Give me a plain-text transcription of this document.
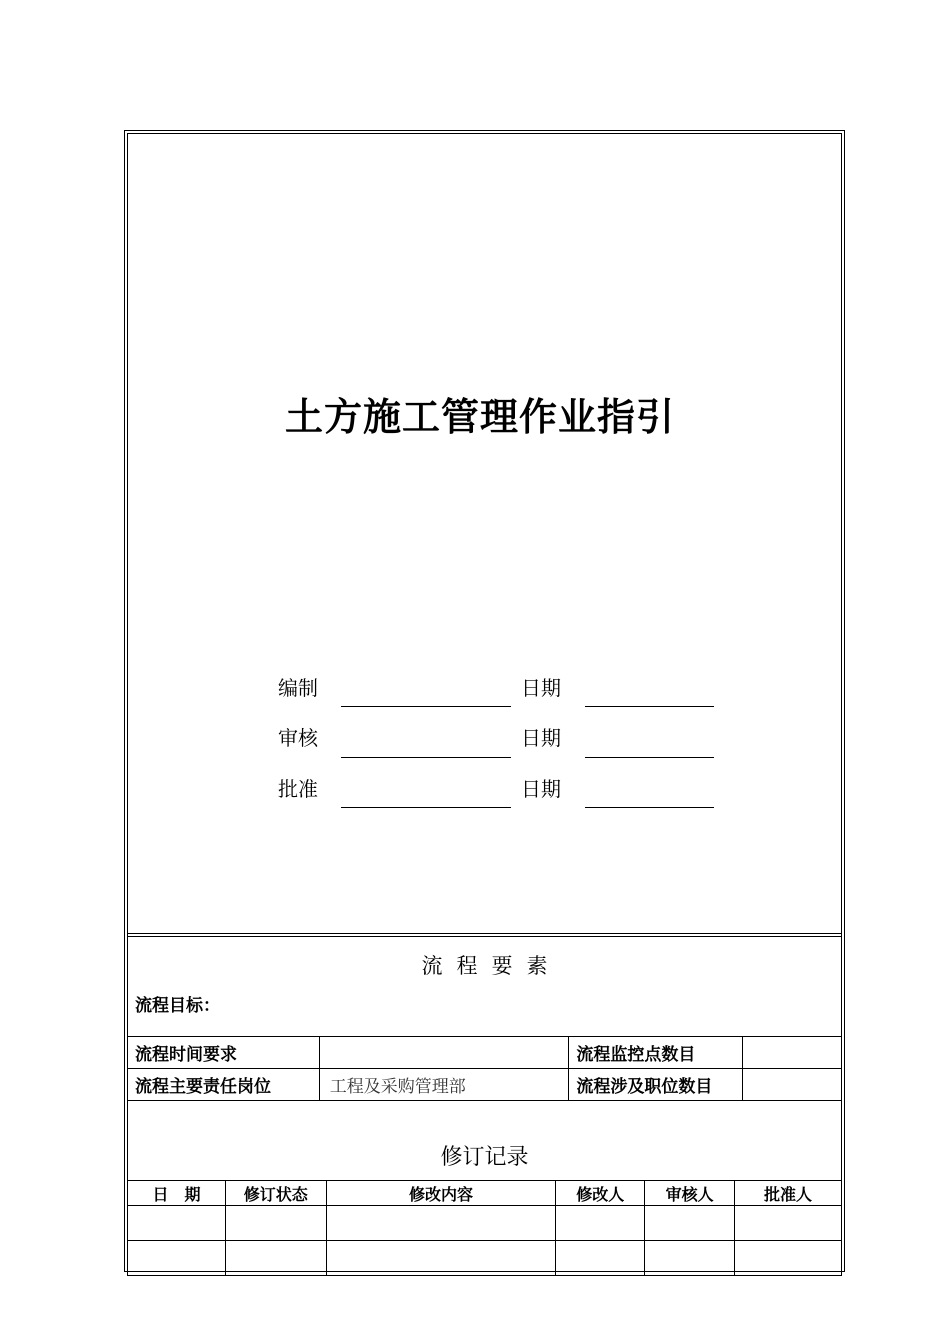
土方施工管理作业指引
编制	日期
审核	日期
批准	日期
流程要素
流程目标：
流程时间要求		流程监控点数目	
流程主要责任岗位	工程及采购管理部	流程涉及职位数目	
修订记录
日　期	修订状态	修改内容	修改人	审核人	批准人
